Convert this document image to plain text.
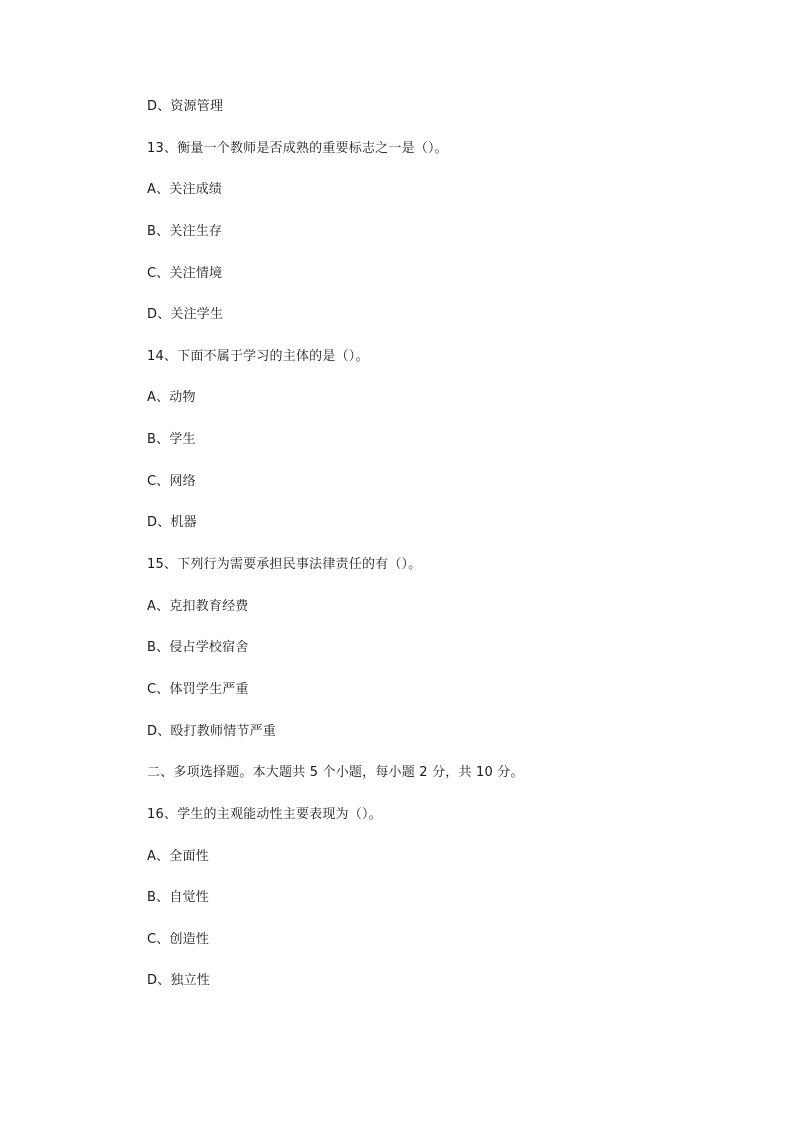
D、资源管理
13、衡量一个教师是否成熟的重要标志之一是（）。
A、关注成绩
B、关注生存
C、关注情境
D、关注学生
14、下面不属于学习的主体的是（）。
A、动物
B、学生
C、网络
D、机器
15、下列行为需要承担民事法律责任的有（）。
A、克扣教育经费
B、侵占学校宿舍
C、体罚学生严重
D、殴打教师情节严重
二、多项选择题。本大题共 5 个小题，每小题 2 分，共 10 分。
16、学生的主观能动性主要表现为（）。
A、全面性
B、自觉性
C、创造性
D、独立性
